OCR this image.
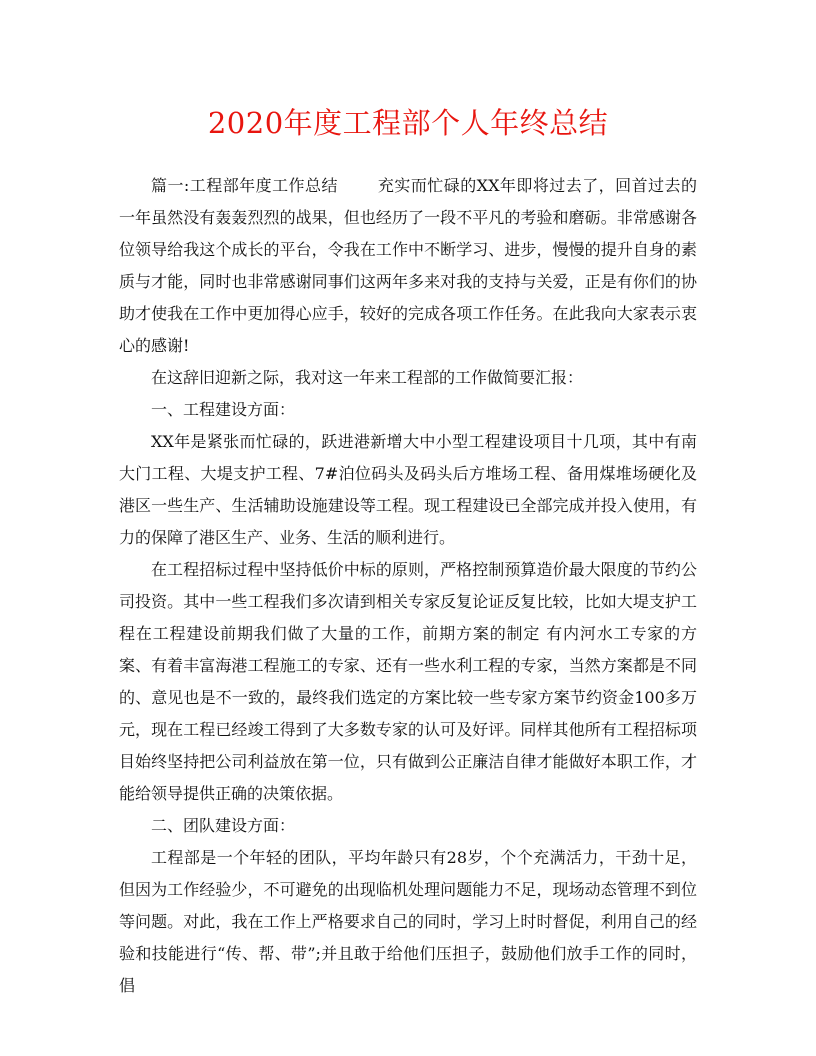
2020年度工程部个人年终总结

篇一:工程部年度工作总结	充实而忙碌的XX年即将过去了，回首过去的一年虽然没有轰轰烈烈的战果，但也经历了一段不平凡的考验和磨砺。非常感谢各位领导给我这个成长的平台，令我在工作中不断学习、进步，慢慢的提升自身的素质与才能，同时也非常感谢同事们这两年多来对我的支持与关爱，正是有你们的协助才使我在工作中更加得心应手，较好的完成各项工作任务。在此我向大家表示衷心的感谢!

在这辞旧迎新之际，我对这一年来工程部的工作做简要汇报：

一、工程建设方面：

XX年是紧张而忙碌的，跃进港新增大中小型工程建设项目十几项，其中有南大门工程、大堤支护工程、7#泊位码头及码头后方堆场工程、备用煤堆场硬化及港区一些生产、生活辅助设施建设等工程。现工程建设已全部完成并投入使用，有力的保障了港区生产、业务、生活的顺利进行。

在工程招标过程中坚持低价中标的原则，严格控制预算造价最大限度的节约公司投资。其中一些工程我们多次请到相关专家反复论证反复比较，比如大堤支护工程在工程建设前期我们做了大量的工作，前期方案的制定 有内河水工专家的方案、有着丰富海港工程施工的专家、还有一些水利工程的专家，当然方案都是不同的、意见也是不一致的，最终我们选定的方案比较一些专家方案节约资金100多万元，现在工程已经竣工得到了大多数专家的认可及好评。同样其他所有工程招标项目始终坚持把公司利益放在第一位，只有做到公正廉洁自律才能做好本职工作，才能给领导提供正确的决策依据。

二、团队建设方面：

工程部是一个年轻的团队，平均年龄只有28岁，个个充满活力，干劲十足，但因为工作经验少，不可避免的出现临机处理问题能力不足，现场动态管理不到位等问题。对此，我在工作上严格要求自己的同时，学习上时时督促，利用自己的经验和技能进行“传、帮、带”;并且敢于给他们压担子，鼓励他们放手工作的同时，倡
